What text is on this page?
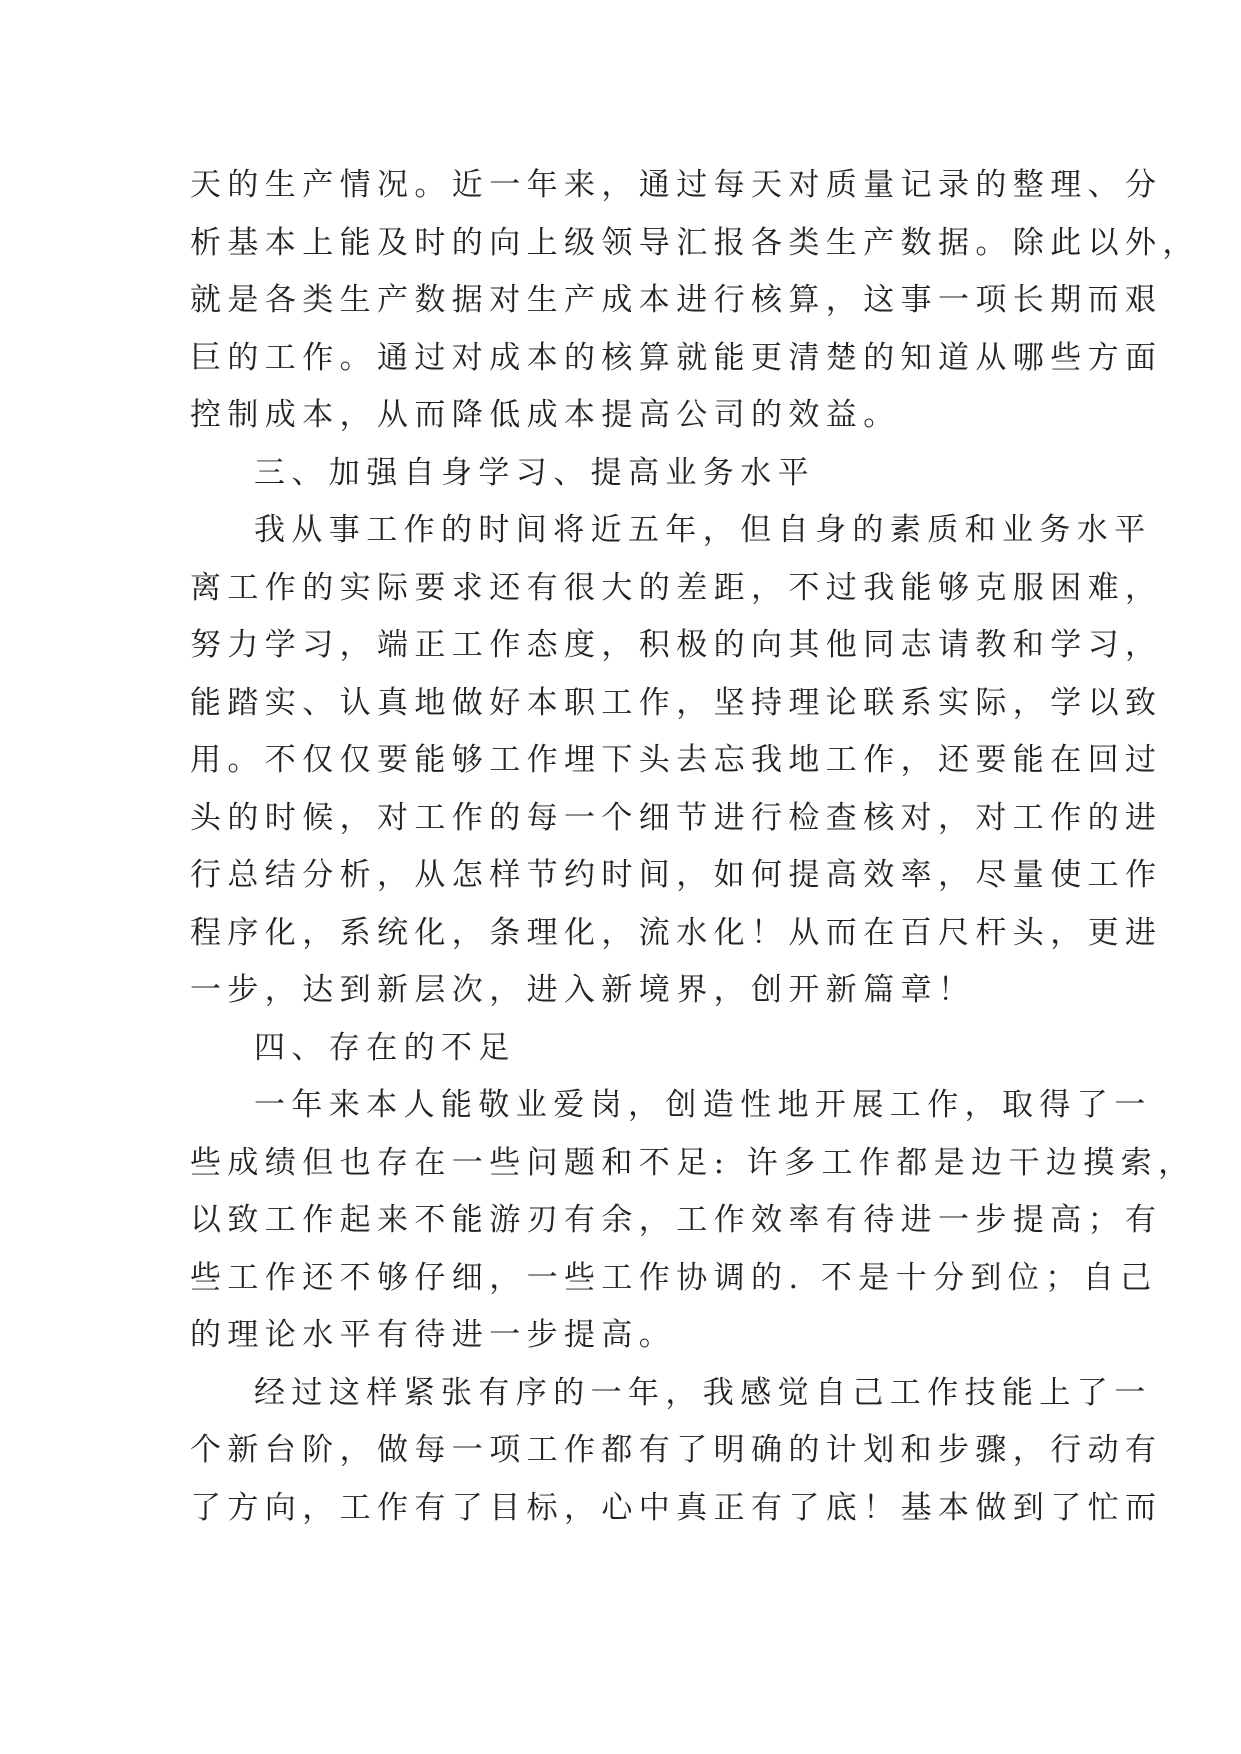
天的生产情况。近一年来，通过每天对质量记录的整理、分
析基本上能及时的向上级领导汇报各类生产数据。除此以外，
就是各类生产数据对生产成本进行核算，这事一项长期而艰
巨的工作。通过对成本的核算就能更清楚的知道从哪些方面
控制成本，从而降低成本提高公司的效益。
三、加强自身学习、提高业务水平
我从事工作的时间将近五年，但自身的素质和业务水平
离工作的实际要求还有很大的差距，不过我能够克服困难，
努力学习，端正工作态度，积极的向其他同志请教和学习，
能踏实、认真地做好本职工作，坚持理论联系实际，学以致
用。不仅仅要能够工作埋下头去忘我地工作，还要能在回过
头的时候，对工作的每一个细节进行检查核对，对工作的进
行总结分析，从怎样节约时间，如何提高效率，尽量使工作
程序化，系统化，条理化，流水化！从而在百尺杆头，更进
一步，达到新层次，进入新境界，创开新篇章！
四、存在的不足
一年来本人能敬业爱岗，创造性地开展工作，取得了一
些成绩但也存在一些问题和不足: 许多工作都是边干边摸索，
以致工作起来不能游刃有余，工作效率有待进一步提高；有
些工作还不够仔细，一些工作协调的. 不是十分到位；自己
的理论水平有待进一步提高。
经过这样紧张有序的一年，我感觉自己工作技能上了一
个新台阶，做每一项工作都有了明确的计划和步骤，行动有
了方向，工作有了目标，心中真正有了底！基本做到了忙而
